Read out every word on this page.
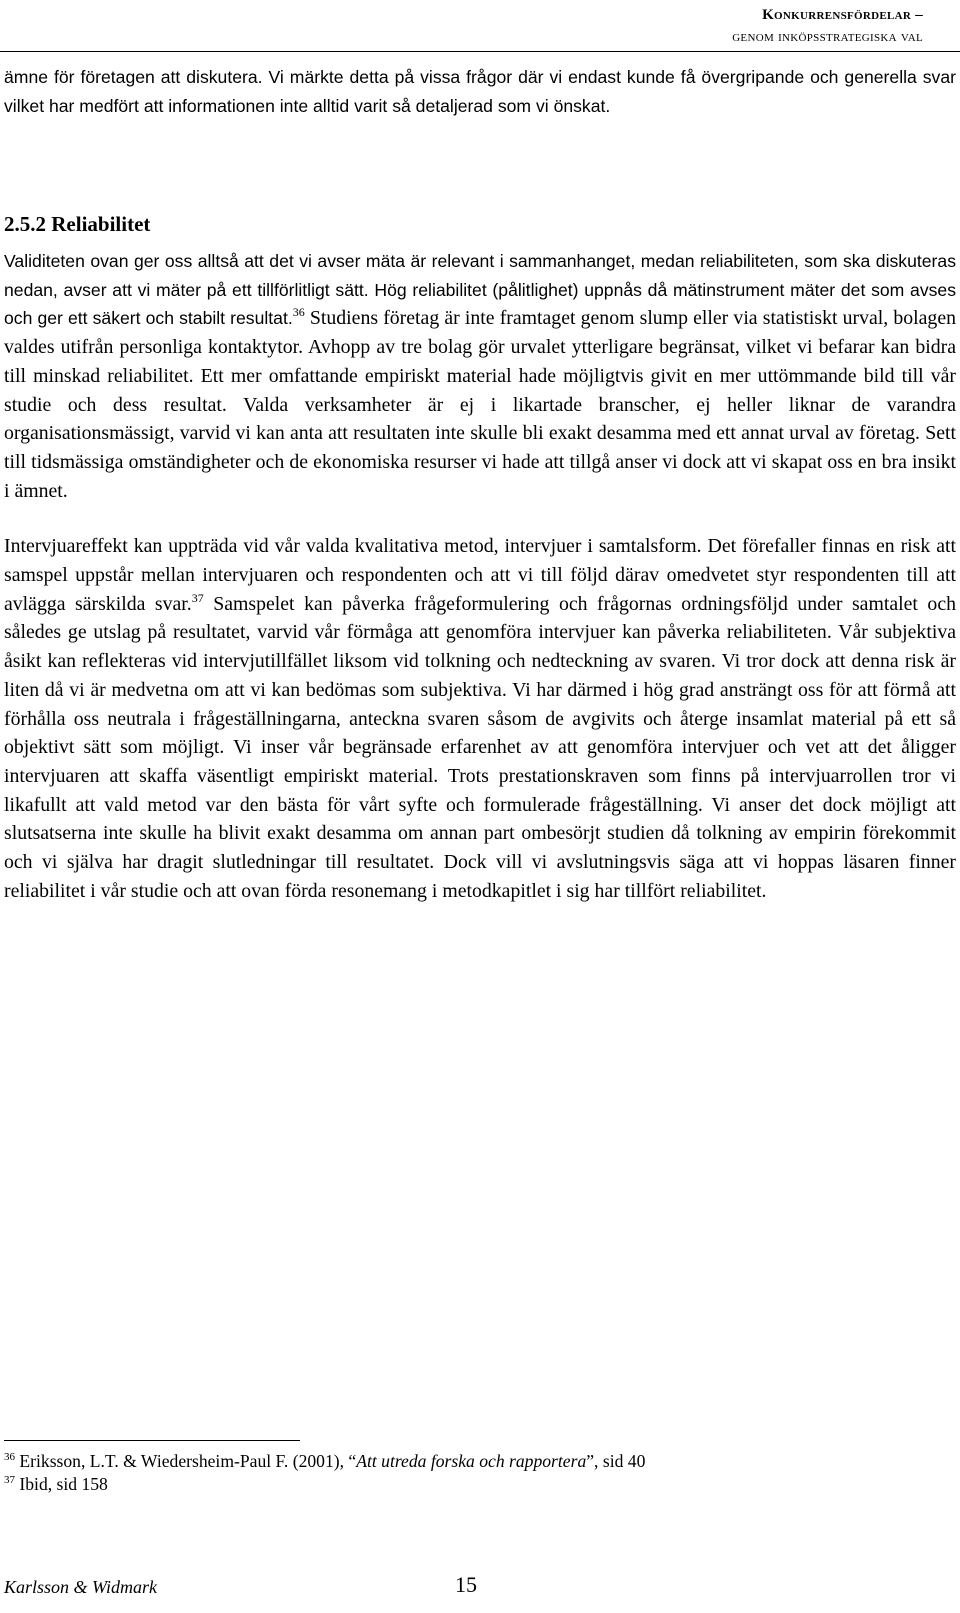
Konkurrensfördelar –
genom inköpsstrategiska val

ämne för företagen att diskutera. Vi märkte detta på vissa frågor där vi endast kunde få övergripande och generella svar vilket har medfört att informationen inte alltid varit så detaljerad som vi önskat.

2.5.2 Reliabilitet

Validiteten ovan ger oss alltså att det vi avser mäta är relevant i sammanhanget, medan reliabiliteten, som ska diskuteras nedan, avser att vi mäter på ett tillförlitligt sätt. Hög reliabilitet (pålitlighet) uppnås då mätinstrument mäter det som avses och ger ett säkert och stabilt resultat.$^{36}$ Studiens företag är inte framtaget genom slump eller via statistiskt urval, bolagen valdes utifrån personliga kontaktytor. Avhopp av tre bolag gör urvalet ytterligare begränsat, vilket vi befarar kan bidra till minskad reliabilitet. Ett mer omfattande empiriskt material hade möjligtvis givit en mer uttömmande bild till vår studie och dess resultat. Valda verksamheter är ej i likartade branscher, ej heller liknar de varandra organisationsmässigt, varvid vi kan anta att resultaten inte skulle bli exakt desamma med ett annat urval av företag. Sett till tidsmässiga omständigheter och de ekonomiska resurser vi hade att tillgå anser vi dock att vi skapat oss en bra insikt i ämnet.

Intervjuareffekt kan uppträda vid vår valda kvalitativa metod, intervjuer i samtalsform. Det förefaller finnas en risk att samspel uppstår mellan intervjuaren och respondenten och att vi till följd därav omedvetet styr respondenten till att avlägga särskilda svar.$^{37}$ Samspelet kan påverka frågeformulering och frågornas ordningsföljd under samtalet och således ge utslag på resultatet, varvid vår förmåga att genomföra intervjuer kan påverka reliabiliteten. Vår subjektiva åsikt kan reflekteras vid intervjutillfället liksom vid tolkning och nedteckning av svaren. Vi tror dock att denna risk är liten då vi är medvetna om att vi kan bedömas som subjektiva. Vi har därmed i hög grad ansträngt oss för att förmå att förhålla oss neutrala i frågeställningarna, anteckna svaren såsom de avgivits och återge insamlat material på ett så objektivt sätt som möjligt. Vi inser vår begränsade erfarenhet av att genomföra intervjuer och vet att det åligger intervjuaren att skaffa väsentligt empiriskt material. Trots prestationskraven som finns på intervjuarrollen tror vi likafullt att vald metod var den bästa för vårt syfte och formulerade frågeställning. Vi anser det dock möjligt att slutsatserna inte skulle ha blivit exakt desamma om annan part ombesörjt studien då tolkning av empirin förekommit och vi själva har dragit slutledningar till resultatet. Dock vill vi avslutningsvis säga att vi hoppas läsaren finner reliabilitet i vår studie och att ovan förda resonemang i metodkapitlet i sig har tillfört reliabilitet.

$^{36}$ Eriksson, L.T. & Wiedersheim-Paul F. (2001), “Att utreda forska och rapportera”, sid 40

$^{37}$ Ibid, sid 158

Karlsson & Widmark	15
